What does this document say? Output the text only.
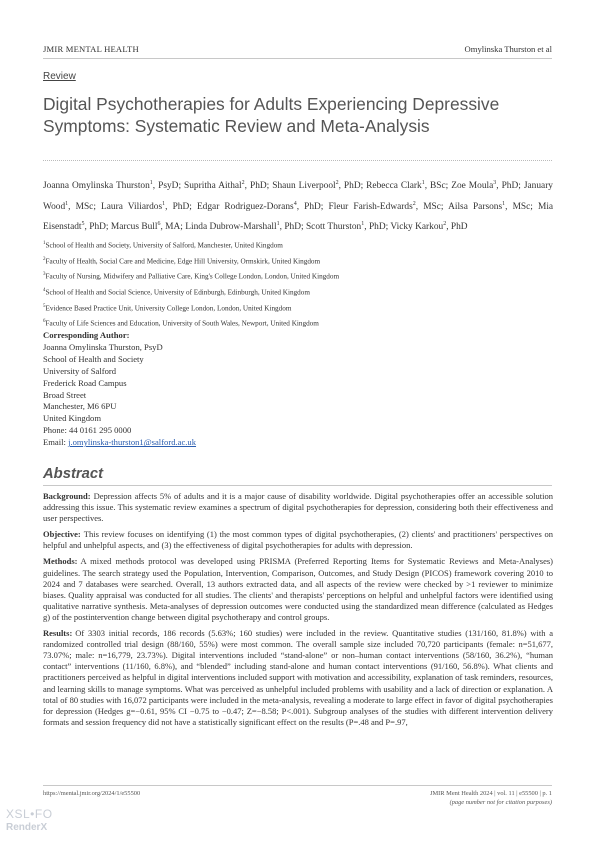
JMIR MENTAL HEALTH	Omylinska Thurston et al
Review
Digital Psychotherapies for Adults Experiencing Depressive Symptoms: Systematic Review and Meta-Analysis

Joanna Omylinska Thurston$^1$, PsyD; Supritha Aithal$^2$, PhD; Shaun Liverpool$^2$, PhD; Rebecca Clark$^1$, BSc; Zoe Moula$^3$, PhD; January Wood$^1$, MSc; Laura Viliardos$^1$, PhD; Edgar Rodriguez-Dorans$^4$, PhD; Fleur Farish-Edwards$^2$, MSc; Ailsa Parsons$^1$, MSc; Mia Eisenstadt$^5$, PhD; Marcus Bull$^6$, MA; Linda Dubrow-Marshall$^1$, PhD; Scott Thurston$^1$, PhD; Vicky Karkou$^2$, PhD

$^1$School of Health and Society, University of Salford, Manchester, United Kingdom
$^2$Faculty of Health, Social Care and Medicine, Edge Hill University, Ormskirk, United Kingdom
$^3$Faculty of Nursing, Midwifery and Palliative Care, King's College London, London, United Kingdom
$^4$School of Health and Social Science, University of Edinburgh, Edinburgh, United Kingdom
$^5$Evidence Based Practice Unit, University College London, London, United Kingdom
$^6$Faculty of Life Sciences and Education, University of South Wales, Newport, United Kingdom
Corresponding Author:
Joanna Omylinska Thurston, PsyD
School of Health and Society
University of Salford
Frederick Road Campus
Broad Street
Manchester, M6 6PU
United Kingdom
Phone: 44 0161 295 0000
Email: j.omylinska-thurston1@salford.ac.uk
Abstract

Background: Depression affects 5% of adults and it is a major cause of disability worldwide. Digital psychotherapies offer an accessible solution addressing this issue. This systematic review examines a spectrum of digital psychotherapies for depression, considering both their effectiveness and user perspectives.

Objective: This review focuses on identifying (1) the most common types of digital psychotherapies, (2) clients' and practitioners' perspectives on helpful and unhelpful aspects, and (3) the effectiveness of digital psychotherapies for adults with depression.

Methods: A mixed methods protocol was developed using PRISMA (Preferred Reporting Items for Systematic Reviews and Meta-Analyses) guidelines. The search strategy used the Population, Intervention, Comparison, Outcomes, and Study Design (PICOS) framework covering 2010 to 2024 and 7 databases were searched. Overall, 13 authors extracted data, and all aspects of the review were checked by >1 reviewer to minimize biases. Quality appraisal was conducted for all studies. The clients' and therapists' perceptions on helpful and unhelpful factors were identified using qualitative narrative synthesis. Meta-analyses of depression outcomes were conducted using the standardized mean difference (calculated as Hedges g) of the postintervention change between digital psychotherapy and control groups.

Results: Of 3303 initial records, 186 records (5.63%; 160 studies) were included in the review. Quantitative studies (131/160, 81.8%) with a randomized controlled trial design (88/160, 55%) were most common. The overall sample size included 70,720 participants (female: n=51,677, 73.07%; male: n=16,779, 23.73%). Digital interventions included “stand-alone” or non–human contact interventions (58/160, 36.2%), “human contact” interventions (11/160, 6.8%), and “blended” including stand-alone and human contact interventions (91/160, 56.8%). What clients and practitioners perceived as helpful in digital interventions included support with motivation and accessibility, explanation of task reminders, resources, and learning skills to manage symptoms. What was perceived as unhelpful included problems with usability and a lack of direction or explanation. A total of 80 studies with 16,072 participants were included in the meta-analysis, revealing a moderate to large effect in favor of digital psychotherapies for depression (Hedges g=−0.61, 95% CI −0.75 to −0.47; Z=−8.58; P<.001). Subgroup analyses of the studies with different intervention delivery formats and session frequency did not have a statistically significant effect on the results (P=.48 and P=.97,

https://mental.jmir.org/2024/1/e55500	JMIR Ment Health 2024 | vol. 11 | e55500 | p. 1
(page number not for citation purposes)
XSL•FO
RenderX
